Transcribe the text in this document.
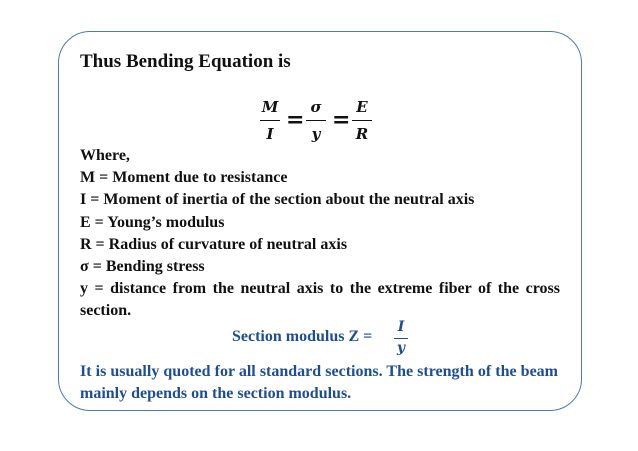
Thus Bending Equation is
M
I
= σ
y
= E
R
Where,
M = Moment due to resistance
I = Moment of inertia of the section about the neutral axis
E = Young’s modulus
R = Radius of curvature of neutral axis
σ = Bending stress
y = distance from the neutral axis to the extreme fiber of the cross section.
Section modulus Z =
I
y
It is usually quoted for all standard sections. The strength of the beam mainly depends on the section modulus.
